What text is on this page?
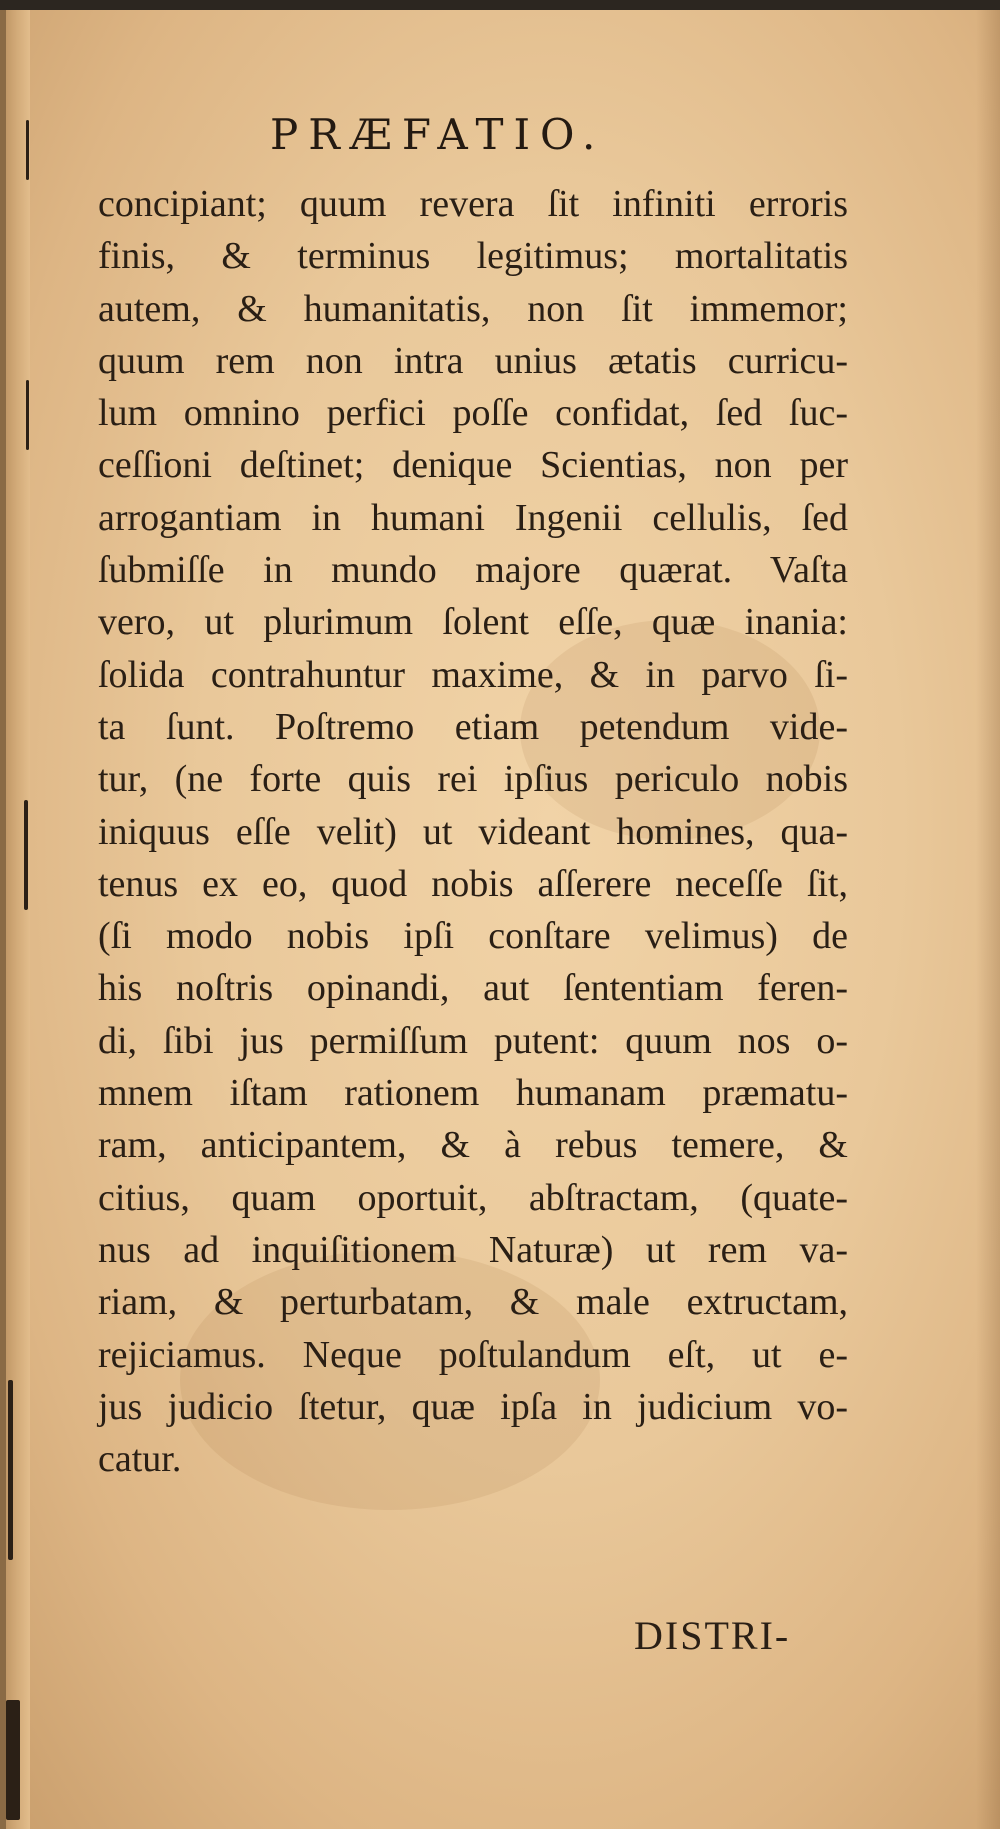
PRÆFATIO.
concipiant; quum revera ſit infiniti erroris
finis, & terminus legitimus; mortalitatis
autem, & humanitatis, non ſit immemor;
quum rem non intra unius ætatis curricu-
lum omnino perfici poſſe confidat, ſed ſuc-
ceſſioni deſtinet; denique Scientias, non per
arrogantiam in humani Ingenii cellulis, ſed
ſubmiſſe in mundo majore quærat. Vaſta
vero, ut plurimum ſolent eſſe, quæ inania:
ſolida contrahuntur maxime, & in parvo ſi-
ta ſunt. Poſtremo etiam petendum vide-
tur, (ne forte quis rei ipſius periculo nobis
iniquus eſſe velit) ut videant homines, qua-
tenus ex eo, quod nobis aſſerere neceſſe ſit,
(ſi modo nobis ipſi conſtare velimus) de
his noſtris opinandi, aut ſententiam feren-
di, ſibi jus permiſſum putent: quum nos o-
mnem iſtam rationem humanam præmatu-
ram, anticipantem, & à rebus temere, &
citius, quam oportuit, abſtractam, (quate-
nus ad inquiſitionem Naturæ) ut rem va-
riam, & perturbatam, & male extructam,
rejiciamus. Neque poſtulandum eſt, ut e-
jus judicio ſtetur, quæ ipſa in judicium vo-
catur.
DISTRI-
